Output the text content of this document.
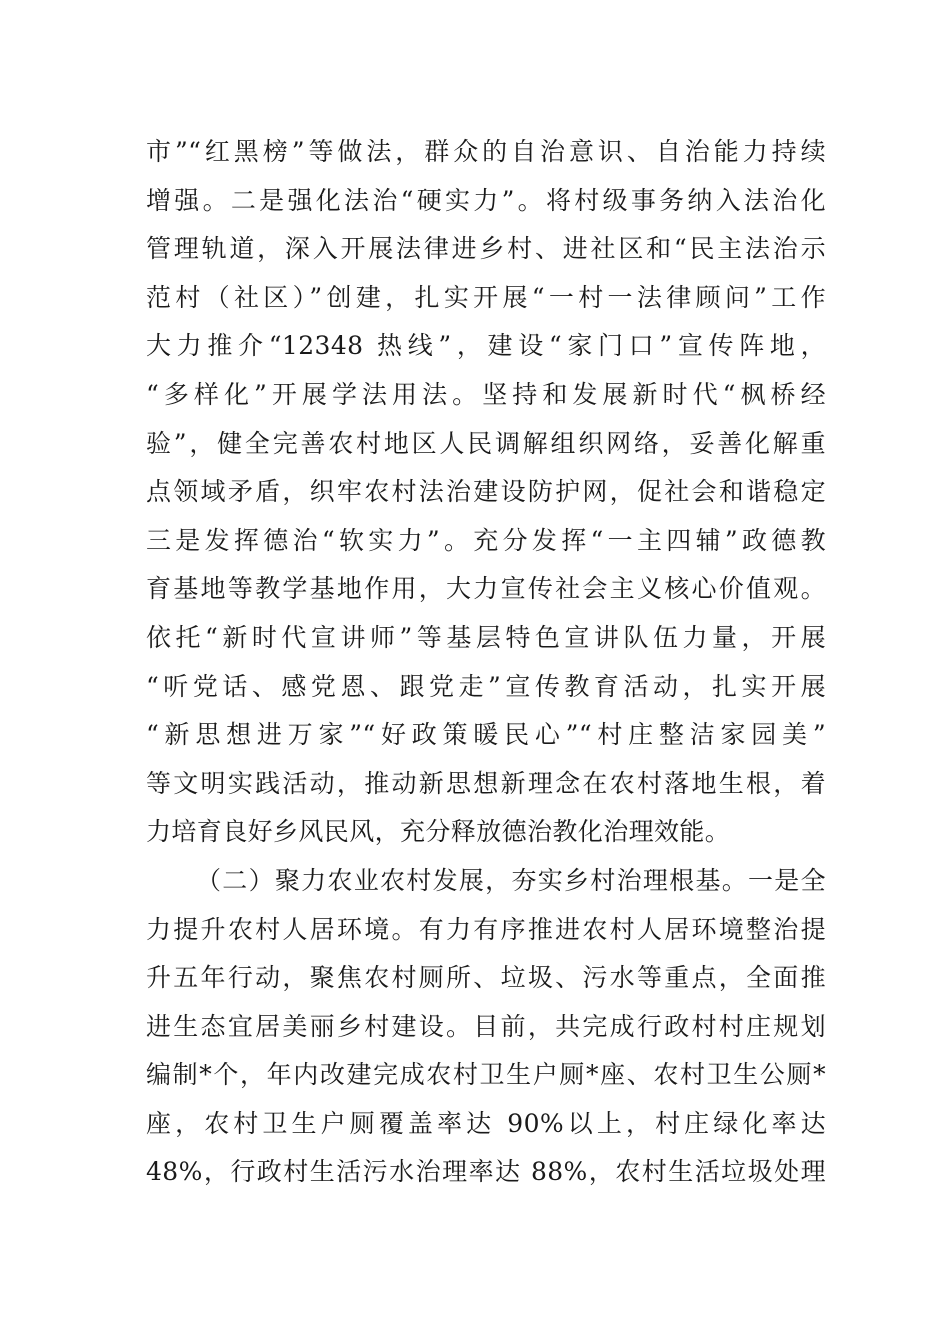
市”“红黑榜”等做法，群众的自治意识、自治能力持续
增强。二是强化法治“硬实力”。将村级事务纳入法治化
管理轨道，深入开展法律进乡村、进社区和“民主法治示
范村（社区）”创建，扎实开展“一村一法律顾问”工作
大力推介“12348 热线”，建设“家门口”宣传阵地，
“多样化”开展学法用法。坚持和发展新时代“枫桥经
验”，健全完善农村地区人民调解组织网络，妥善化解重
点领域矛盾，织牢农村法治建设防护网，促社会和谐稳定
三是发挥德治“软实力”。充分发挥“一主四辅”政德教
育基地等教学基地作用，大力宣传社会主义核心价值观。
依托“新时代宣讲师”等基层特色宣讲队伍力量，开展
“听党话、感党恩、跟党走”宣传教育活动，扎实开展
“新思想进万家”“好政策暖民心”“村庄整洁家园美”
等文明实践活动，推动新思想新理念在农村落地生根，着
力培育良好乡风民风，充分释放德治教化治理效能。
（二）聚力农业农村发展，夯实乡村治理根基。一是全
力提升农村人居环境。有力有序推进农村人居环境整治提
升五年行动，聚焦农村厕所、垃圾、污水等重点，全面推
进生态宜居美丽乡村建设。目前，共完成行政村村庄规划
编制*个，年内改建完成农村卫生户厕*座、农村卫生公厕*
座，农村卫生户厕覆盖率达 90%以上，村庄绿化率达
48%，行政村生活污水治理率达 88%，农村生活垃圾处理
